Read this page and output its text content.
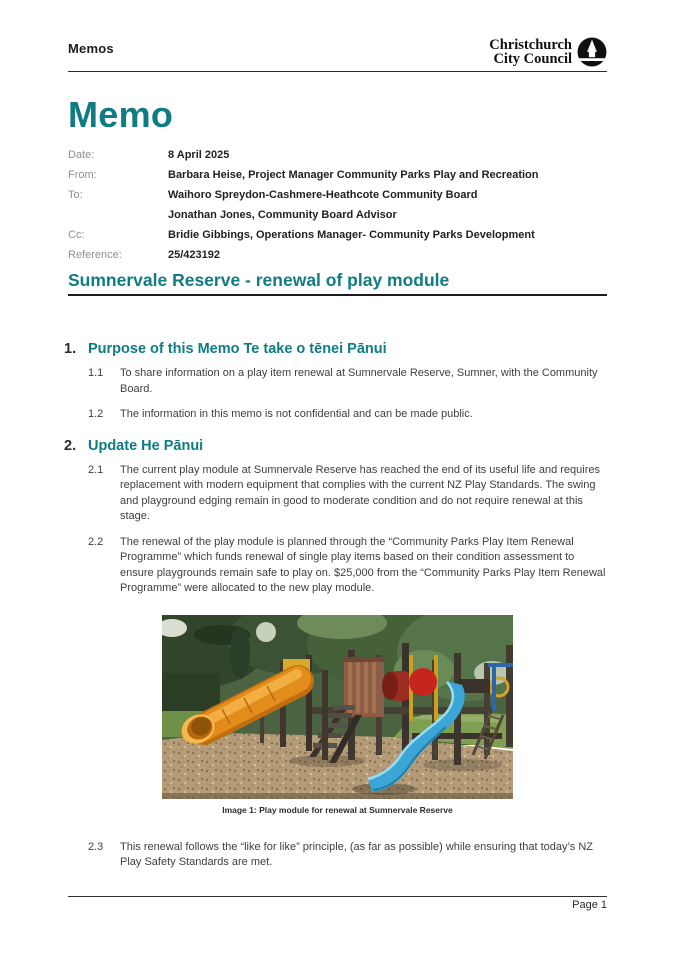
Memos	Christchurch
City Council
Memo
Date:	8 April 2025
From:	Barbara Heise, Project Manager Community Parks Play and Recreation
To:	Waihoro Spreydon-Cashmere-Heathcote Community Board
Jonathan Jones, Community Board Advisor
Cc:	Bridie Gibbings, Operations Manager- Community Parks Development
Reference:	25/423192
Sumnervale Reserve - renewal of play module
1. Purpose of this Memo Te take o tēnei Pānui
1.1	To share information on a play item renewal at Sumnervale Reserve, Sumner, with the Community Board.
1.2	The information in this memo is not confidential and can be made public.
2. Update He Pānui
2.1	The current play module at Sumnervale Reserve has reached the end of its useful life and requires replacement with modern equipment that complies with the current NZ Play Standards. The swing and playground edging remain in good to moderate condition and do not require renewal at this stage.
2.2	The renewal of the play module is planned through the “Community Parks Play Item Renewal Programme” which funds renewal of single play items based on their condition assessment to ensure playgrounds remain safe to play on. $25,000 from the “Community Parks Play Item Renewal Programme” were allocated to the new play module.
Image 1: Play module for renewal at Sumnervale Reserve
2.3	This renewal follows the “like for like” principle, (as far as possible) while ensuring that today’s NZ Play Safety Standards are met.
Page 1
